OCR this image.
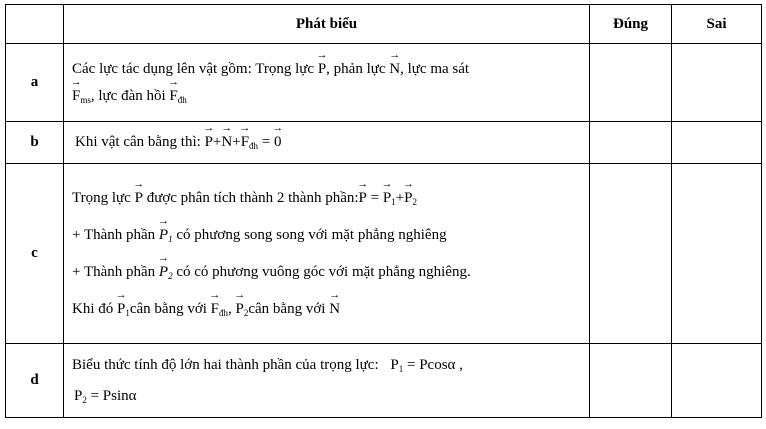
	Phát biểu	Đúng	Sai
a	Các lực tác dụng lên vật gồm: Trọng lực → P, phản lực → N, lực ma sát
→ $F_{ms}$, lực đàn hồi → $F_{đh}$

b	Khi vật cân bằng thì: → $P+\to N+\to F_{đh}$ = → 0

c	Trọng lực → P được phân tích thành 2 thành phần:→ P = → $P_1+\to P_2$
+ Thành phần → $P_1$ có phương song song với mặt phẳng nghiêng
+ Thành phần → $P_2$ có có phương vuông góc với mặt phẳng nghiêng.
Khi đó → $P_1cân$ bằng với → $F_{đh}$, → $P_2cân$ bằng với → N

d	Biểu thức tính độ lớn hai thành phần của trọng lực: $P_1 = Pcos\alpha$ ,
$P_2 = Psin\alpha$		
